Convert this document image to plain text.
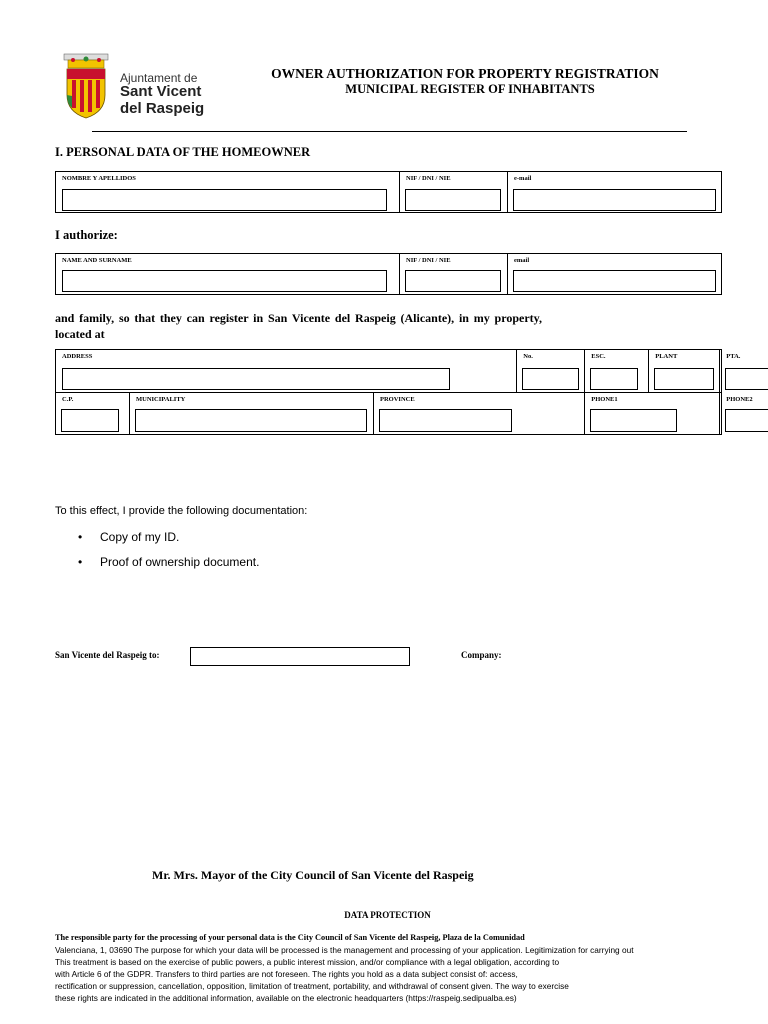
Ajuntament de
Sant Vicent
del Raspeig
OWNER AUTHORIZATION FOR PROPERTY REGISTRATION
MUNICIPAL REGISTER OF INHABITANTS
I. PERSONAL DATA OF THE HOMEOWNER
NOMBRE Y APELLIDOS	NIF / DNI / NIE	e-mail
I authorize:
NAME AND SURNAME	NIF / DNI / NIE	email
and family, so that they can register in San Vicente del Raspeig (Alicante), in my property, located at
ADDRESS			No.	ESC.	PLANT	PTA.

C.P.	MUNICIPALITY	PROVINCE		PHONE1		PHONE2
To this effect, I provide the following documentation:
• Copy of my ID.
• Proof of ownership document.
San Vicente del Raspeig to:	Company:
Mr. Mrs. Mayor of the City Council of San Vicente del Raspeig
DATA PROTECTION
The responsible party for the processing of your personal data is the City Council of San Vicente del Raspeig, Plaza de la Comunidad
Valenciana, 1, 03690 The purpose for which your data will be processed is the management and processing of your application. Legitimization for carrying out
This treatment is based on the exercise of public powers, a public interest mission, and/or compliance with a legal obligation, according to
with Article 6 of the GDPR. Transfers to third parties are not foreseen. The rights you hold as a data subject consist of: access,
rectification or suppression, cancellation, opposition, limitation of treatment, portability, and withdrawal of consent given. The way to exercise
these rights are indicated in the additional information, available on the electronic headquarters (https://raspeig.sedipualba.es)
